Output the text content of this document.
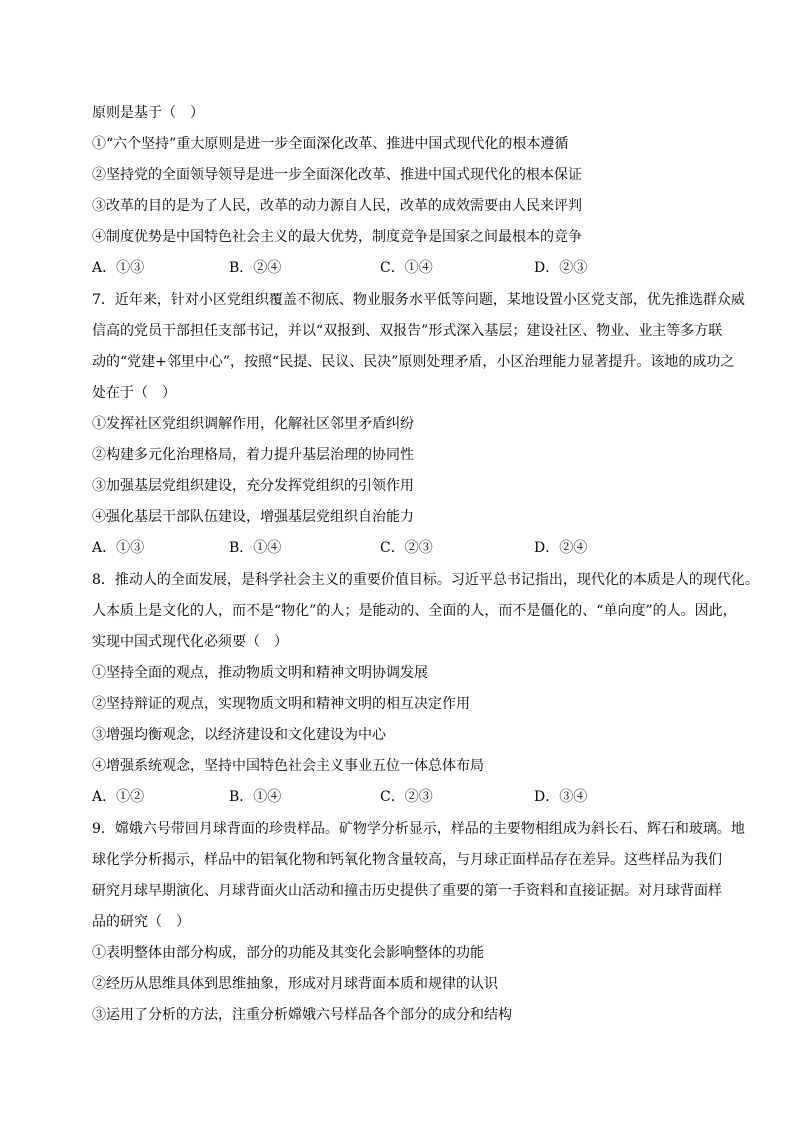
原则是基于（　）
①“六个坚持”重大原则是进一步全面深化改革、推进中国式现代化的根本遵循
②坚持党的全面领导领导是进一步全面深化改革、推进中国式现代化的根本保证
③改革的目的是为了人民，改革的动力源自人民，改革的成效需要由人民来评判
④制度优势是中国特色社会主义的最大优势，制度竞争是国家之间最根本的竞争
A．①③	B．②④	C．①④	D．②③
7．近年来，针对小区党组织覆盖不彻底、物业服务水平低等问题，某地设置小区党支部，优先推选群众威
信高的党员干部担任支部书记，并以“双报到、双报告”形式深入基层；建设社区、物业、业主等多方联
动的“党建+邻里中心”，按照“民提、民议、民决”原则处理矛盾，小区治理能力显著提升。该地的成功之
处在于（　）
①发挥社区党组织调解作用，化解社区邻里矛盾纠纷
②构建多元化治理格局，着力提升基层治理的协同性
③加强基层党组织建设，充分发挥党组织的引领作用
④强化基层干部队伍建设，增强基层党组织自治能力
A．①③	B．①④	C．②③	D．②④
8．推动人的全面发展，是科学社会主义的重要价值目标。习近平总书记指出，现代化的本质是人的现代化。
人本质上是文化的人，而不是“物化”的人；是能动的、全面的人，而不是僵化的、“单向度”的人。因此，
实现中国式现代化必须要（　）
①坚持全面的观点，推动物质文明和精神文明协调发展
②坚持辩证的观点，实现物质文明和精神文明的相互决定作用
③增强均衡观念，以经济建设和文化建设为中心
④增强系统观念，坚持中国特色社会主义事业五位一体总体布局
A．①②	B．①④	C．②③	D．③④
9．嫦娥六号带回月球背面的珍贵样品。矿物学分析显示，样品的主要物相组成为斜长石、辉石和玻璃。地
球化学分析揭示，样品中的铝氧化物和钙氧化物含量较高，与月球正面样品存在差异。这些样品为我们
研究月球早期演化、月球背面火山活动和撞击历史提供了重要的第一手资料和直接证据。对月球背面样
品的研究（　）
①表明整体由部分构成，部分的功能及其变化会影响整体的功能
②经历从思维具体到思维抽象，形成对月球背面本质和规律的认识
③运用了分析的方法，注重分析嫦娥六号样品各个部分的成分和结构
